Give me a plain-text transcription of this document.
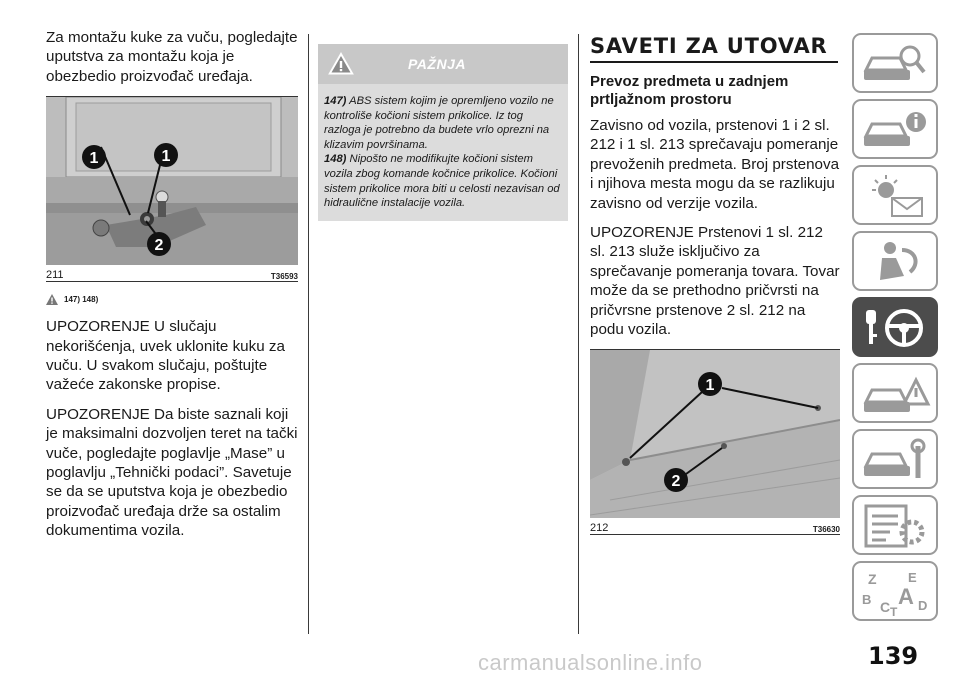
Za montažu kuke za vuču, pogledajte uputstva za montažu koja je obezbedio proizvođač uređaja.

1	1
2
211	T36593
147) 148)

UPOZORENJE U slučaju nekorišćenja, uvek uklonite kuku za vuču. U svakom slučaju, poštujte važeće zakonske propise.

UPOZORENJE Da biste saznali koji je maksimalni dozvoljen teret na tački vuče, pogledajte poglavlje „Mase” u poglavlju „Tehnički podaci”. Savetuje se da se uputstva koja je obezbedio proizvođač uređaja drže sa ostalim dokumentima vozila.

PAŽNJA
147) ABS sistem kojim je opremljeno vozilo ne kontroliše kočioni sistem prikolice. Iz tog razloga je potrebno da budete vrlo oprezni na klizavim površinama.
148) Nipošto ne modifikujte kočioni sistem vozila zbog komande kočnice prikolice. Kočioni sistem prikolice mora biti u celosti nezavisan od hidraulične instalacije vozila.
SAVETI ZA UTOVAR
Prevoz predmeta u zadnjem prtljažnom prostoru

Zavisno od vozila, prstenovi 1 i 2 sl. 212 i 1 sl. 213 sprečavaju pomeranje prevoženih predmeta. Broj prstenova i njihova mesta mogu da se razlikuju zavisno od verzije vozila.

UPOZORENJE Prstenovi 1 sl. 212 sl. 213 služe isključivo za sprečavanje pomeranja tovara. Tovar može da se prethodno pričvrsti na pričvrsne prstenove 2 sl. 212 na podu vozila.

1
2
212	T36630
Z E
B A
C D
T
carmanualsonline.info	139
